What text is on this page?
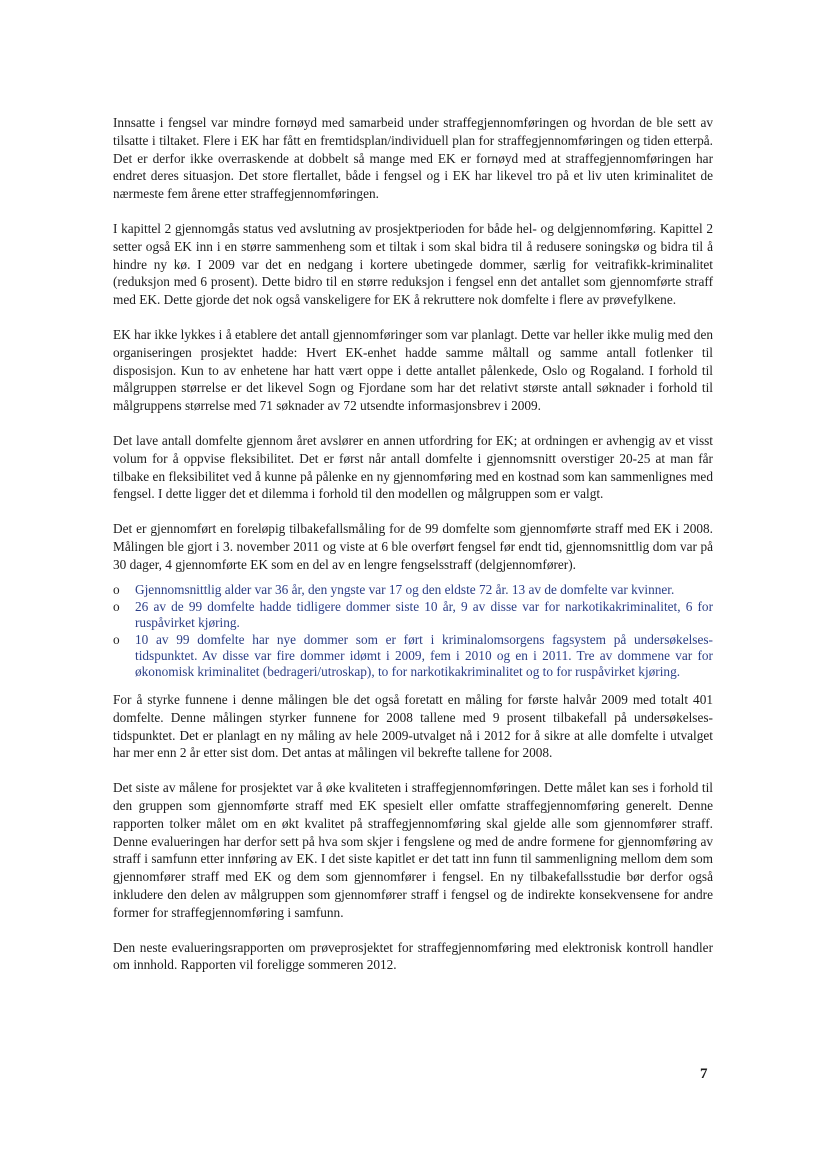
Innsatte i fengsel var mindre fornøyd med samarbeid under straffegjennomføringen og hvordan de ble sett av tilsatte i tiltaket. Flere i EK har fått en fremtidsplan/individuell plan for straffegjennomføringen og tiden etterpå. Det er derfor ikke overraskende at dobbelt så mange med EK er fornøyd med at straffegjennomføringen har endret deres situasjon. Det store flertallet, både i fengsel og i EK har likevel tro på et liv uten kriminalitet de nærmeste fem årene etter straffegjennomføringen.

I kapittel 2 gjennomgås status ved avslutning av prosjektperioden for både hel- og delgjennomføring. Kapittel 2 setter også EK inn i en større sammenheng som et tiltak i som skal bidra til å redusere soningskø og bidra til å hindre ny kø. I 2009 var det en nedgang i kortere ubetingede dommer, særlig for veitrafikk-kriminalitet (reduksjon med 6 prosent). Dette bidro til en større reduksjon i fengsel enn det antallet som gjennomførte straff med EK. Dette gjorde det nok også vanskeligere for EK å rekruttere nok domfelte i flere av prøvefylkene.

EK har ikke lykkes i å etablere det antall gjennomføringer som var planlagt. Dette var heller ikke mulig med den organiseringen prosjektet hadde: Hvert EK-enhet hadde samme måltall og samme antall fotlenker til disposisjon. Kun to av enhetene har hatt vært oppe i dette antallet pålenkede, Oslo og Rogaland. I forhold til målgruppen størrelse er det likevel Sogn og Fjordane som har det relativt største antall søknader i forhold til målgruppens størrelse med 71 søknader av 72 utsendte informasjonsbrev i 2009.

Det lave antall domfelte gjennom året avslører en annen utfordring for EK; at ordningen er avhengig av et visst volum for å oppvise fleksibilitet. Det er først når antall domfelte i gjennomsnitt overstiger 20-25 at man får tilbake en fleksibilitet ved å kunne på pålenke en ny gjennomføring med en kostnad som kan sammenlignes med fengsel. I dette ligger det et dilemma i forhold til den modellen og målgruppen som er valgt.

Det er gjennomført en foreløpig tilbakefallsmåling for de 99 domfelte som gjennomførte straff med EK i 2008. Målingen ble gjort i 3. november 2011 og viste at 6 ble overført fengsel før endt tid, gjennomsnittlig dom var på 30 dager, 4 gjennomførte EK som en del av en lengre fengselsstraff (delgjennomfører).

o Gjennomsnittlig alder var 36 år, den yngste var 17 og den eldste 72 år. 13 av de domfelte var kvinner.
o 26 av de 99 domfelte hadde tidligere dommer siste 10 år, 9 av disse var for narkotikakriminalitet, 6 for ruspåvirket kjøring.
o 10 av 99 domfelte har nye dommer som er ført i kriminalomsorgens fagsystem på undersøkelses-tidspunktet. Av disse var fire dommer idømt i 2009, fem i 2010 og en i 2011. Tre av dommene var for økonomisk kriminalitet (bedrageri/utroskap), to for narkotikakriminalitet og to for ruspåvirket kjøring.

For å styrke funnene i denne målingen ble det også foretatt en måling for første halvår 2009 med totalt 401 domfelte. Denne målingen styrker funnene for 2008 tallene med 9 prosent tilbakefall på undersøkelses-tidspunktet. Det er planlagt en ny måling av hele 2009-utvalget nå i 2012 for å sikre at alle domfelte i utvalget har mer enn 2 år etter sist dom. Det antas at målingen vil bekrefte tallene for 2008.

Det siste av målene for prosjektet var å øke kvaliteten i straffegjennomføringen. Dette målet kan ses i forhold til den gruppen som gjennomførte straff med EK spesielt eller omfatte straffegjennomføring generelt. Denne rapporten tolker målet om en økt kvalitet på straffegjennomføring skal gjelde alle som gjennomfører straff. Denne evalueringen har derfor sett på hva som skjer i fengslene og med de andre formene for gjennomføring av straff i samfunn etter innføring av EK. I det siste kapitlet er det tatt inn funn til sammenligning mellom dem som gjennomfører straff med EK og dem som gjennomfører i fengsel. En ny tilbakefallsstudie bør derfor også inkludere den delen av målgruppen som gjennomfører straff i fengsel og de indirekte konsekvensene for andre former for straffegjennomføring i samfunn.

Den neste evalueringsrapporten om prøveprosjektet for straffegjennomføring med elektronisk kontroll handler om innhold. Rapporten vil foreligge sommeren 2012.

7
